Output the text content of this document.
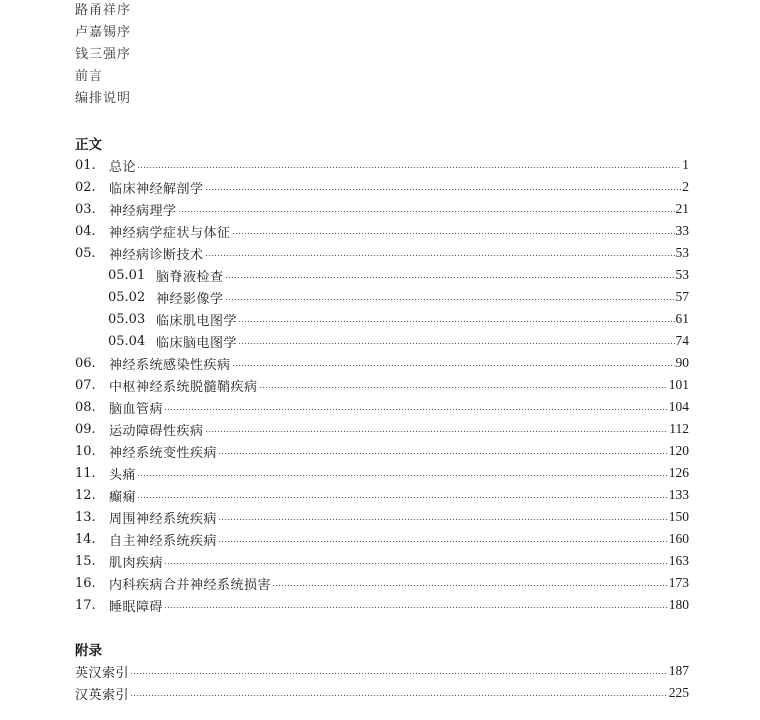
路甬祥序
卢嘉锡序
钱三强序
前言
编排说明
正文
01.	总论	1
02.	临床神经解剖学	2
03.	神经病理学	21
04.	神经病学症状与体征	33
05.	神经病诊断技术	53
05.01 脑脊液检查	53
05.02 神经影像学	57
05.03 临床肌电图学	61
05.04 临床脑电图学	74
06.	神经系统感染性疾病	90
07.	中枢神经系统脱髓鞘疾病	101
08.	脑血管病	104
09.	运动障碍性疾病	112
10.	神经系统变性疾病	120
11.	头痛	126
12.	癫痫	133
13.	周围神经系统疾病	150
14.	自主神经系统疾病	160
15.	肌肉疾病	163
16.	内科疾病合并神经系统损害	173
17.	睡眠障碍	180
附录
英汉索引	187
汉英索引	225
